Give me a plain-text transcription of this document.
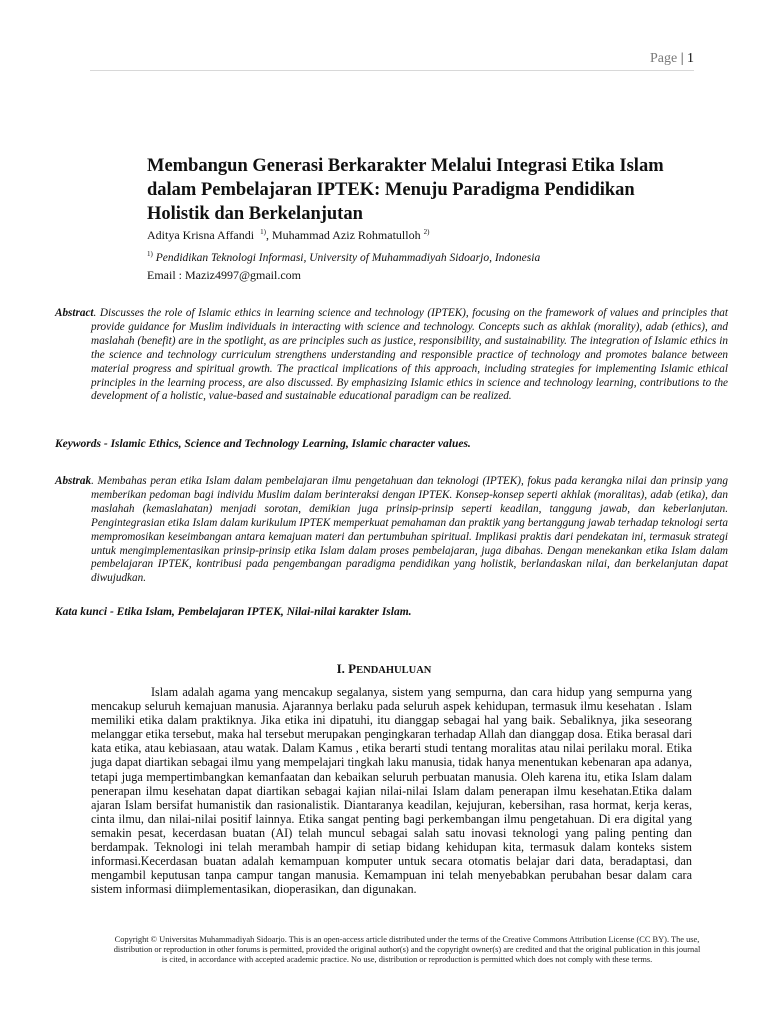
Page | 1
Membangun Generasi Berkarakter Melalui Integrasi Etika Islam dalam Pembelajaran IPTEK: Menuju Paradigma Pendidikan Holistik dan Berkelanjutan
Aditya Krisna Affandi $^{1)}$, Muhammad Aziz Rohmatulloh $^{2)}$
$^{1)}$ Pendidikan Teknologi Informasi, University of Muhammadiyah Sidoarjo, Indonesia
Email : Maziz4997@gmail.com
Abstract. Discusses the role of Islamic ethics in learning science and technology (IPTEK), focusing on the framework of values and principles that provide guidance for Muslim individuals in interacting with science and technology. Concepts such as akhlak (morality), adab (ethics), and maslahah (benefit) are in the spotlight, as are principles such as justice, responsibility, and sustainability. The integration of Islamic ethics in the science and technology curriculum strengthens understanding and responsible practice of technology and promotes balance between material progress and spiritual growth. The practical implications of this approach, including strategies for implementing Islamic ethical principles in the learning process, are also discussed. By emphasizing Islamic ethics in science and technology learning, contributions to the development of a holistic, value-based and sustainable educational paradigm can be realized.
Keywords - Islamic Ethics, Science and Technology Learning, Islamic character values.
Abstrak. Membahas peran etika Islam dalam pembelajaran ilmu pengetahuan dan teknologi (IPTEK), fokus pada kerangka nilai dan prinsip yang memberikan pedoman bagi individu Muslim dalam berinteraksi dengan IPTEK. Konsep-konsep seperti akhlak (moralitas), adab (etika), dan maslahah (kemaslahatan) menjadi sorotan, demikian juga prinsip-prinsip seperti keadilan, tanggung jawab, dan keberlanjutan. Pengintegrasian etika Islam dalam kurikulum IPTEK memperkuat pemahaman dan praktik yang bertanggung jawab terhadap teknologi serta mempromosikan keseimbangan antara kemajuan materi dan pertumbuhan spiritual. Implikasi praktis dari pendekatan ini, termasuk strategi untuk mengimplementasikan prinsip-prinsip etika Islam dalam proses pembelajaran, juga dibahas. Dengan menekankan etika Islam dalam pembelajaran IPTEK, kontribusi pada pengembangan paradigma pendidikan yang holistik, berlandaskan nilai, dan berkelanjutan dapat diwujudkan.
Kata kunci - Etika Islam, Pembelajaran IPTEK, Nilai-nilai karakter Islam.
I. PENDAHULUAN

Islam adalah agama yang mencakup segalanya, sistem yang sempurna, dan cara hidup yang sempurna yang mencakup seluruh kemajuan manusia. Ajarannya berlaku pada seluruh aspek kehidupan, termasuk ilmu kesehatan . Islam memiliki etika dalam praktiknya. Jika etika ini dipatuhi, itu dianggap sebagai hal yang baik. Sebaliknya, jika seseorang melanggar etika tersebut, maka hal tersebut merupakan pengingkaran terhadap Allah dan dianggap dosa. Etika berasal dari kata etika, atau kebiasaan, atau watak. Dalam Kamus , etika berarti studi tentang moralitas atau nilai perilaku moral. Etika juga dapat diartikan sebagai ilmu yang mempelajari tingkah laku manusia, tidak hanya menentukan kebenaran apa adanya, tetapi juga mempertimbangkan kemanfaatan dan kebaikan seluruh perbuatan manusia. Oleh karena itu, etika Islam dalam penerapan ilmu kesehatan dapat diartikan sebagai kajian nilai-nilai Islam dalam penerapan ilmu kesehatan.Etika dalam ajaran Islam bersifat humanistik dan rasionalistik. Diantaranya keadilan, kejujuran, kebersihan, rasa hormat, kerja keras, cinta ilmu, dan nilai-nilai positif lainnya. Etika sangat penting bagi perkembangan ilmu pengetahuan. Di era digital yang semakin pesat, kecerdasan buatan (AI) telah muncul sebagai salah satu inovasi teknologi yang paling penting dan berdampak. Teknologi ini telah merambah hampir di setiap bidang kehidupan kita, termasuk dalam konteks sistem informasi.Kecerdasan buatan adalah kemampuan komputer untuk secara otomatis belajar dari data, beradaptasi, dan mengambil keputusan tanpa campur tangan manusia. Kemampuan ini telah menyebabkan perubahan besar dalam cara sistem informasi diimplementasikan, dioperasikan, dan digunakan.

Copyright © Universitas Muhammadiyah Sidoarjo. This is an open-access article distributed under the terms of the Creative Commons Attribution License (CC BY). The use, distribution or reproduction in other forums is permitted, provided the original author(s) and the copyright owner(s) are credited and that the original publication in this journal is cited, in accordance with accepted academic practice. No use, distribution or reproduction is permitted which does not comply with these terms.
